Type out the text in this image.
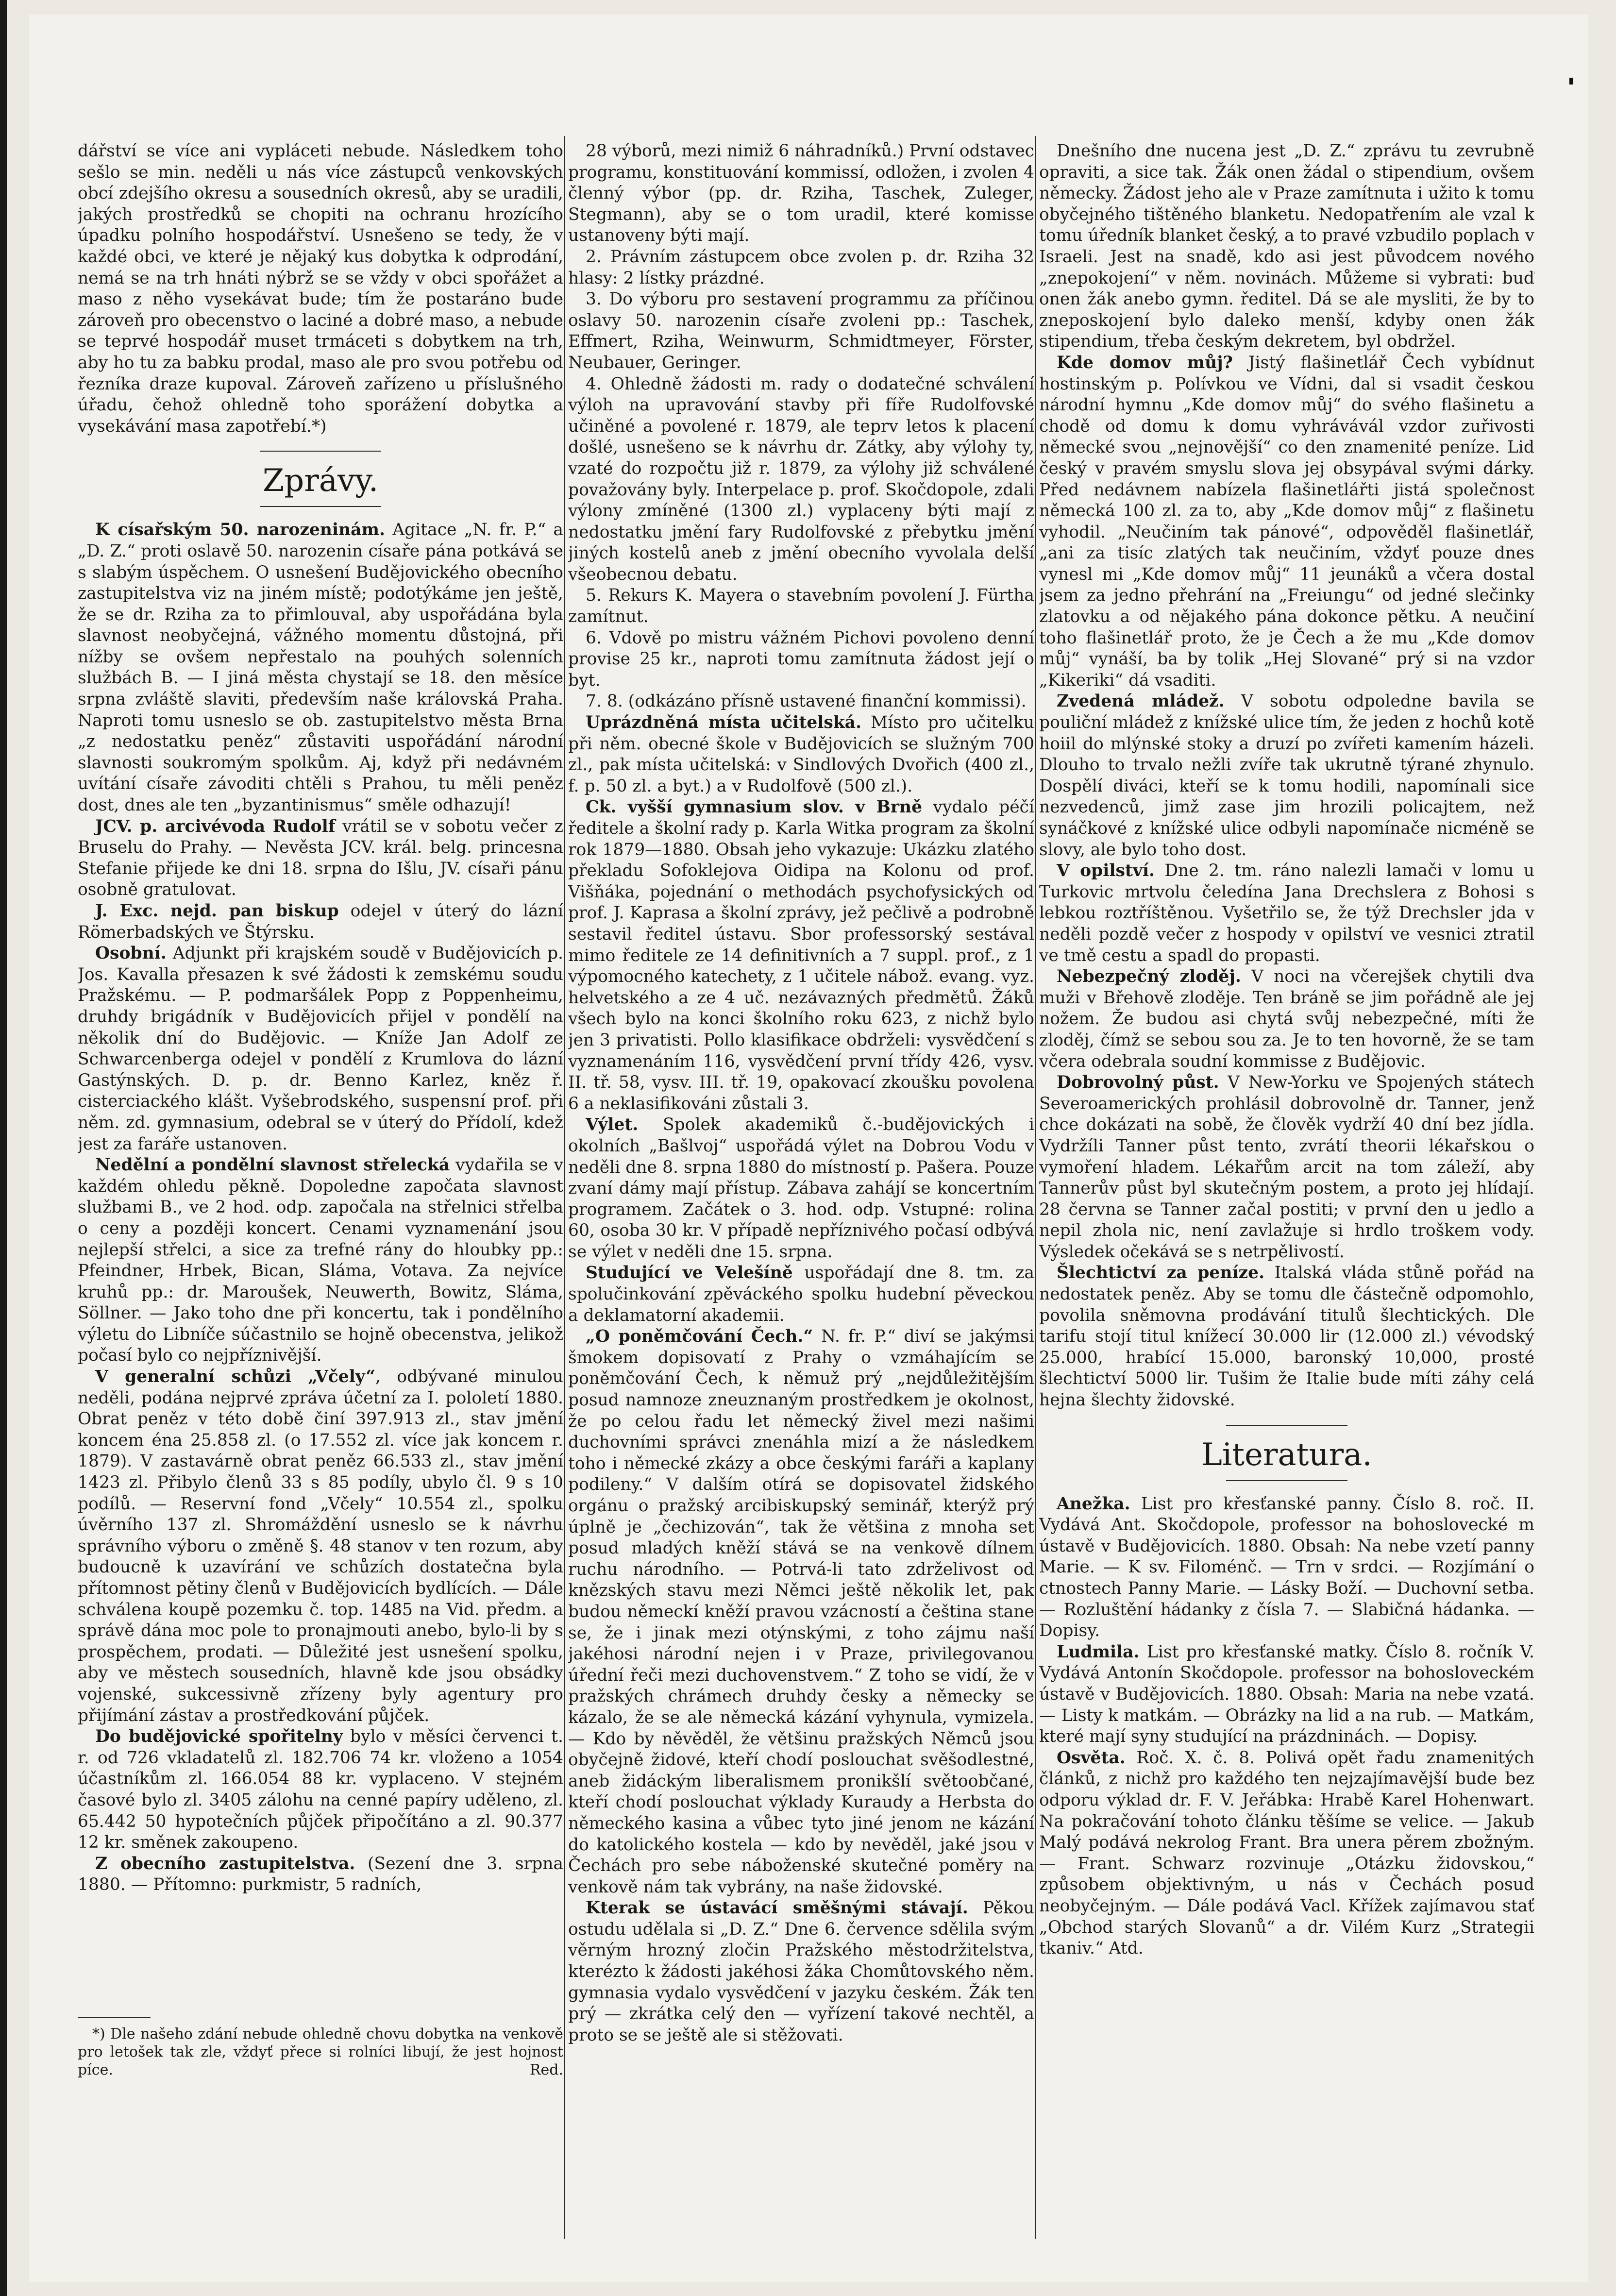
dářství se více ani vypláceti nebude. Následkem toho sešlo se min. neděli u nás více zástupců venkovských obcí zdejšího okresu a sousedních okresů, aby se uradili, jakých prostředků se chopiti na ochranu hrozícího úpadku polního hospodářství. Usnešeno se tedy, že v každé obci, ve které je nějaký kus dobytka k odprodání, nemá se na trh hnáti nýbrž se se vždy v obci spořážet a maso z něho vysekávat bude; tím že postaráno bude zároveň pro obecenstvo o laciné a dobré maso, a nebude se teprvé hospodář muset trmáceti s dobytkem na trh, aby ho tu za babku prodal, maso ale pro svou potřebu od řezníka draze kupoval. Zároveň zařízeno u příslušného úřadu, čehož ohledně toho sporážení dobytka a vysekávání masa zapotřebí.*)

Zprávy.

K císařským 50. narozeninám. Agitace „N. fr. P.“ a „D. Z.“ proti oslavě 50. narozenin císaře pána potkává se s slabým úspěchem. O usnešení Budějovického obecního zastupitelstva viz na jiném místě; podotýkáme jen ještě, že se dr. Rziha za to přimlouval, aby uspořádána byla slavnost neobyčejná, vážného momentu důstojná, při nížby se ovšem nepřestalo na pouhých solenních službách B. — I jiná města chystají se 18. den měsíce srpna zvláště slaviti, především naše královská Praha. Naproti tomu usneslo se ob. zastupitelstvo města Brna „z nedostatku peněz“ zůstaviti uspořádání národní slavnosti soukromým spolkům. Aj, když při nedávném uvítání císaře závoditi chtěli s Prahou, tu měli peněz dost, dnes ale ten „byzantinismus“ směle odhazují!

JCV. p. arcivévoda Rudolf vrátil se v sobotu večer z Bruselu do Prahy. — Nevěsta JCV. král. belg. princesna Stefanie přijede ke dni 18. srpna do Išlu, JV. císaři pánu osobně gratulovat.

J. Exc. nejd. pan biskup odejel v úterý do lázní Römerbadských ve Štýrsku.

Osobní. Adjunkt při krajském soudě v Budějovicích p. Jos. Kavalla přesazen k své žádosti k zemskému soudu Pražskému. — P. podmaršálek Popp z Poppenheimu, druhdy brigádník v Budějovicích přijel v pondělí na několik dní do Budějovic. — Kníže Jan Adolf ze Schwarcenberga odejel v pondělí z Krumlova do lázní Gastýnských. D. p. dr. Benno Karlez, kněz ř. cisterciackého klášt. Vyšebrodského, suspensní prof. při něm. zd. gymnasium, odebral se v úterý do Přídolí, kdež jest za faráře ustanoven.

Nedělní a pondělní slavnost střelecká vydařila se v každém ohledu pěkně. Dopoledne započata slavnost službami B., ve 2 hod. odp. započala na střelnici střelba o ceny a později koncert. Cenami vyznamenání jsou nejlepší střelci, a sice za trefné rány do hloubky pp.: Pfeindner, Hrbek, Bican, Sláma, Votava. Za nejvíce kruhů pp.: dr. Maroušek, Neuwerth, Bowitz, Sláma, Söllner. — Jako toho dne při koncertu, tak i pondělního výletu do Libníče súčastnilo se hojně obecenstva, jelikož počasí bylo co nejpříznivější.

V generalní schůzi „Včely“, odbývané minulou neděli, podána nejprvé zpráva účetní za I. pololetí 1880. Obrat peněz v této době činí 397.913 zl., stav jmění koncem éna 25.858 zl. (o 17.552 zl. více jak koncem r. 1879). V zastavárně obrat peněz 66.533 zl., stav jmění 1423 zl. Přibylo členů 33 s 85 podíly, ubylo čl. 9 s 10 podílů. — Reservní fond „Včely“ 10.554 zl., spolku úvěrního 137 zl. Shromáždění usneslo se k návrhu správního výboru o změně §. 48 stanov v ten rozum, aby budoucně k uzavírání ve schůzích dostatečna byla přítomnost pětiny členů v Budějovicích bydlících. — Dále schválena koupě pozemku č. top. 1485 na Vid. předm. a správě dána moc pole to pronajmouti anebo, bylo-li by s prospěchem, prodati. — Důležité jest usnešení spolku, aby ve městech sousedních, hlavně kde jsou obsádky vojenské, sukcessivně zřízeny byly agentury pro přijímání zástav a prostředkování půjček.

Do budějovické spořitelny bylo v měsíci červenci t. r. od 726 vkladatelů zl. 182.706 74 kr. vloženo a 1054 účastníkům zl. 166.054 88 kr. vyplaceno. V stejném časové bylo zl. 3405 zálohu na cenné papíry uděleno, zl. 65.442 50 hypotečních půjček připočítáno a zl. 90.377 12 kr. směnek zakoupeno.

Z obecního zastupitelstva. (Sezení dne 3. srpna 1880. — Přítomno: purkmistr, 5 radních,

*) Dle našeho zdání nebude ohledně chovu dobytka na venkově pro letošek tak zle, vždyť přece si rolníci libují, že jest hojnost píce.	Red.

28 výborů, mezi nimiž 6 náhradníků.) První odstavec programu, konstituování kommissí, odložen, i zvolen 4 členný výbor (pp. dr. Rziha, Taschek, Zuleger, Stegmann), aby se o tom uradil, které komisse ustanoveny býti mají.

2. Právním zástupcem obce zvolen p. dr. Rziha 32 hlasy: 2 lístky prázdné.

3. Do výboru pro sestavení programmu za příčinou oslavy 50. narozenin císaře zvoleni pp.: Taschek, Effmert, Rziha, Weinwurm, Schmidtmeyer, Förster, Neubauer, Geringer.

4. Ohledně žádosti m. rady o dodatečné schválení výloh na upravování stavby při fíře Rudolfovské učiněné a povolené r. 1879, ale teprv letos k placení došlé, usnešeno se k návrhu dr. Zátky, aby výlohy ty, vzaté do rozpočtu již r. 1879, za výlohy již schválené považovány byly. Interpelace p. prof. Skočdopole, zdali výlony zmíněné (1300 zl.) vyplaceny býti mají z nedostatku jmění fary Rudolfovské z přebytku jmění jiných kostelů aneb z jmění obecního vyvolala delší všeobecnou debatu.

5. Rekurs K. Mayera o stavebním povolení J. Fürtha zamítnut.

6. Vdově po mistru vážném Pichovi povoleno denní provise 25 kr., naproti tomu zamítnuta žádost její o byt.

7. 8. (odkázáno přísně ustavené finanční kommissi).

Uprázdněná místa učitelská. Místo pro učitelku při něm. obecné škole v Budějovicích se služným 700 zl., pak místa učitelská: v Sindlových Dvořich (400 zl., f. p. 50 zl. a byt.) a v Rudolfově (500 zl.).

Ck. vyšší gymnasium slov. v Brně vydalo péčí ředitele a školní rady p. Karla Witka program za školní rok 1879—1880. Obsah jeho vykazuje: Ukázku zlatého překladu Sofoklejova Oidipa na Kolonu od prof. Višňáka, pojednání o methodách psychofysických od prof. J. Kaprasa a školní zprávy, jež pečlivě a podrobně sestavil ředitel ústavu. Sbor professorský sestával mimo ředitele ze 14 definitivních a 7 suppl. prof., z 1 výpomocného katechety, z 1 učitele nábož. evang. vyz. helvetského a ze 4 uč. nezávazných předmětů. Žáků všech bylo na konci školního roku 623, z nichž bylo jen 3 privatisti. Pollo klasifikace obdrželi: vysvědčení s vyznamenáním 116, vysvědčení první třídy 426, vysv. II. tř. 58, vysv. III. tř. 19, opakovací zkoušku povolena 6 a neklasifikováni zůstali 3.

Výlet. Spolek akademiků č.-budějovických i okolních „Bašlvoj“ uspořádá výlet na Dobrou Vodu v neděli dne 8. srpna 1880 do místností p. Pašera. Pouze zvaní dámy mají přístup. Zábava zahájí se koncertním programem. Začátek o 3. hod. odp. Vstupné: rolina 60, osoba 30 kr. V případě nepříznivého počasí odbývá se výlet v neděli dne 15. srpna.

Studující ve Velešíně uspořádají dne 8. tm. za spolučinkování zpěváckého spolku hudební pěveckou a deklamatorní akademii.

„O poněmčování Čech.“ N. fr. P.“ diví se jakýmsi šmokem dopisovatí z Prahy o vzmáhajícím se poněmčování Čech, k němuž prý „nejdůležitějším posud namnoze zneuznaným prostředkem je okolnost, že po celou řadu let německý živel mezi našimi duchovními správci znenáhla mizí a že následkem toho i německé zkázy a obce českými faráři a kaplany podileny.“ V dalším otírá se dopisovatel židského orgánu o pražský arcibiskupský seminář, kterýž prý úplně je „čechizován“, tak že většina z mnoha set posud mladých kněží stává se na venkově dílnem ruchu národního. — Potrvá-li tato zdrželivost od knězských stavu mezi Němci ještě několik let, pak budou německí kněží pravou vzácností a čeština stane se, že i jinak mezi otýnskými, z toho zájmu naší jakéhosi národní nejen i v Praze, privilegovanou úřední řeči mezi duchovenstvem.“ Z toho se vidí, že v pražských chrámech druhdy česky a německy se kázalo, že se ale německá kázání vyhynula, vymizela. — Kdo by něvěděl, že většinu pražských Němců jsou obyčejně židové, kteří chodí poslouchat svěšodlestné, aneb židáckým liberalismem pronikšlí světoobčané, kteří chodí poslouchat výklady Kuraudy a Herbsta do německého kasina a vůbec tyto jiné jenom ne kázání do katolického kostela — kdo by nevěděl, jaké jsou v Čechách pro sebe náboženské skutečné poměry na venkově nám tak vybrány, na naše židovské.

Kterak se ústavácí směšnými stávají. Pěkou ostudu udělala si „D. Z.“ Dne 6. července sdělila svým věrným hrozný zločin Pražského městodržitelstva, kterézto k žádosti jakéhosi žáka Chomůtovského něm. gymnasia vydalo vysvědčení v jazyku českém. Žák ten prý — zkrátka celý den — vyřízení takové nechtěl, a proto se se ještě ale si stěžovati.

Dnešního dne nucena jest „D. Z.“ zprávu tu zevrubně opraviti, a sice tak. Žák onen žádal o stipendium, ovšem německy. Žádost jeho ale v Praze zamítnuta i užito k tomu obyčejného tištěného blanketu. Nedopatřením ale vzal k tomu úředník blanket český, a to pravé vzbudilo poplach v Israeli. Jest na snadě, kdo asi jest původcem nového „znepokojení“ v něm. novinách. Můžeme si vybrati: buď onen žák anebo gymn. ředitel. Dá se ale mysliti, že by to zneposkojení bylo daleko menší, kdyby onen žák stipendium, třeba českým dekretem, byl obdržel.

Kde domov můj? Jistý flašinetlář Čech vybídnut hostinským p. Polívkou ve Vídni, dal si vsadit českou národní hymnu „Kde domov můj“ do svého flašinetu a chodě od domu k domu vyhrávávál vzdor zuřivosti německé svou „nejnovější“ co den znamenité peníze. Lid český v pravém smyslu slova jej obsypával svými dárky. Před nedávnem nabízela flašinetlářti jistá společnost německá 100 zl. za to, aby „Kde domov můj“ z flašinetu vyhodil. „Neučiním tak pánové“, odpověděl flašinetlář, „ani za tisíc zlatých tak neučiním, vždyť pouze dnes vynesl mi „Kde domov můj“ 11 jeunáků a včera dostal jsem za jedno přehrání na „Freiungu“ od jedné slečinky zlatovku a od nějakého pána dokonce pětku. A neučiní toho flašinetlář proto, že je Čech a že mu „Kde domov můj“ vynáší, ba by tolik „Hej Slované“ prý si na vzdor „Kikeriki“ dá vsaditi.

Zvedená mládež. V sobotu odpoledne bavila se pouliční mládež z knížské ulice tím, že jeden z hochů kotě hoiil do mlýnské stoky a druzí po zvířeti kamením házeli. Dlouho to trvalo nežli zvíře tak ukrutně týrané zhynulo. Dospělí diváci, kteří se k tomu hodili, napomínali sice nezvedenců, jimž zase jim hrozili policajtem, než synáčkové z knížské ulice odbyli napomínače nicméně se slovy, ale bylo toho dost.

V opilství. Dne 2. tm. ráno nalezli lamači v lomu u Turkovic mrtvolu čeledína Jana Drechslera z Bohosi s lebkou roztříštěnou. Vyšetřilo se, že týž Drechsler jda v neděli pozdě večer z hospody v opilství ve vesnici ztratil ve tmě cestu a spadl do propasti.

Nebezpečný zloděj. V noci na včerejšek chytili dva muži v Břehově zloděje. Ten bráně se jim pořádně ale jej nožem. Že budou asi chytá svůj nebezpečné, míti že zloděj, čímž se sebou sou za. Je to ten hovorně, že se tam včera odebrala soudní kommisse z Budějovic.

Dobrovolný půst. V New-Yorku ve Spojených státech Severoamerických prohlásil dobrovolně dr. Tanner, jenž chce dokázati na sobě, že člověk vydrží 40 dní bez jídla. Vydržíli Tanner půst tento, zvrátí theorii lékařskou o vymoření hladem. Lékařům arcit na tom záleží, aby Tannerův půst byl skutečným postem, a proto jej hlídají. 28 června se Tanner začal postiti; v první den u jedlo a nepil zhola nic, není zavlažuje si hrdlo troškem vody. Výsledek očekává se s netrpělivostí.

Šlechtictví za peníze. Italská vláda stůně pořád na nedostatek peněz. Aby se tomu dle částečně odpomohlo, povolila sněmovna prodávání titulů šlechtických. Dle tarifu stojí titul knížecí 30.000 lir (12.000 zl.) vévodský 25.000, hrabící 15.000, baronský 10,000, prosté šlechtictví 5000 lir. Tušim že Italie bude míti záhy celá hejna šlechty židovské.

Literatura.

Anežka. List pro křesťanské panny. Číslo 8. roč. II. Vydává Ant. Skočdopole, professor na bohoslovecké m ústavě v Budějovicích. 1880. Obsah: Na nebe vzetí panny Marie. — K sv. Filoménč. — Trn v srdci. — Rozjímání o ctnostech Panny Marie. — Lásky Boží. — Duchovní setba. — Rozluštění hádanky z čísla 7. — Slabičná hádanka. — Dopisy.

Ludmila. List pro křesťanské matky. Číslo 8. ročník V. Vydává Antonín Skočdopole. professor na bohosloveckém ústavě v Budějovicích. 1880. Obsah: Maria na nebe vzatá. — Listy k matkám. — Obrázky na lid a na rub. — Matkám, které mají syny studující na prázdninách. — Dopisy.

Osvěta. Roč. X. č. 8. Polivá opět řadu znamenitých článků, z nichž pro každého ten nejzajímavější bude bez odporu výklad dr. F. V. Jeřábka: Hrabě Karel Hohenwart. Na pokračování tohoto článku těšíme se velice. — Jakub Malý podává nekrolog Frant. Bra unera pěrem zbožným. — Frant. Schwarz rozvinuje „Otázku židovskou,“ způsobem objektivným, u nás v Čechách posud neobyčejným. — Dále podává Vacl. Křížek zajímavou stať „Obchod starých Slovanů“ a dr. Vilém Kurz „Strategii tkaniv.“ Atd.
